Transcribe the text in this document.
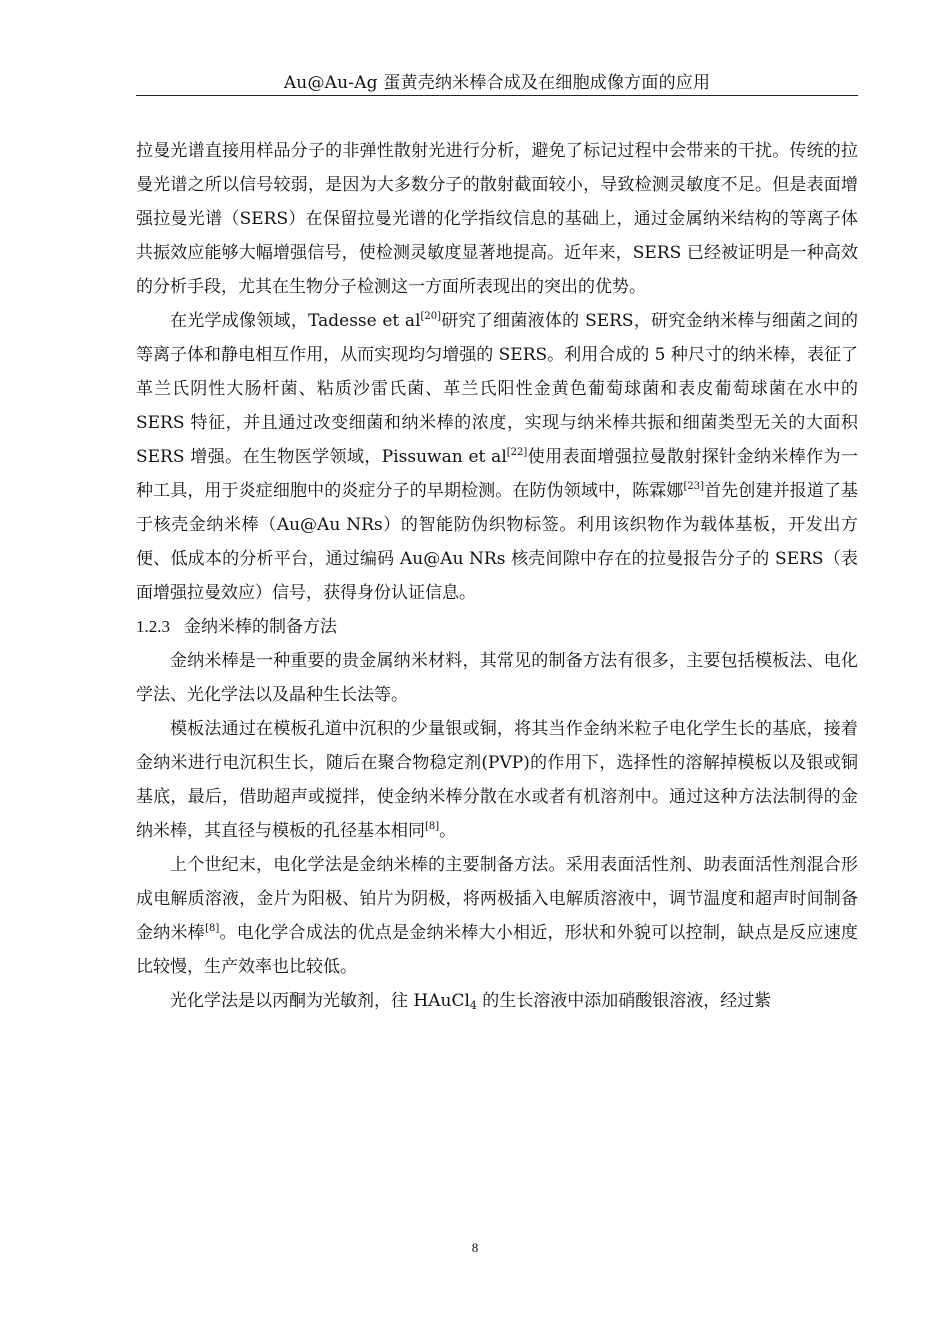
Au@Au-Ag 蛋黄壳纳米棒合成及在细胞成像方面的应用

拉曼光谱直接用样品分子的非弹性散射光进行分析，避免了标记过程中会带来的干扰。传统的拉曼光谱之所以信号较弱，是因为大多数分子的散射截面较小，导致检测灵敏度不足。但是表面增强拉曼光谱（SERS）在保留拉曼光谱的化学指纹信息的基础上，通过金属纳米结构的等离子体共振效应能够大幅增强信号，使检测灵敏度显著地提高。近年来，SERS 已经被证明是一种高效的分析手段，尤其在生物分子检测这一方面所表现出的突出的优势。

在光学成像领域，Tadesse et al[20]研究了细菌液体的 SERS，研究金纳米棒与细菌之间的等离子体和静电相互作用，从而实现均匀增强的 SERS。利用合成的 5 种尺寸的纳米棒，表征了革兰氏阴性大肠杆菌、粘质沙雷氏菌、革兰氏阳性金黄色葡萄球菌和表皮葡萄球菌在水中的 SERS 特征，并且通过改变细菌和纳米棒的浓度，实现与纳米棒共振和细菌类型无关的大面积 SERS 增强。在生物医学领域，Pissuwan et al[22]使用表面增强拉曼散射探针金纳米棒作为一种工具，用于炎症细胞中的炎症分子的早期检测。在防伪领域中，陈霖娜[23]首先创建并报道了基于核壳金纳米棒（Au@Au NRs）的智能防伪织物标签。利用该织物作为载体基板，开发出方便、低成本的分析平台，通过编码 Au@Au NRs 核壳间隙中存在的拉曼报告分子的 SERS（表面增强拉曼效应）信号，获得身份认证信息。

1.2.3 金纳米棒的制备方法

金纳米棒是一种重要的贵金属纳米材料，其常见的制备方法有很多，主要包括模板法、电化学法、光化学法以及晶种生长法等。

模板法通过在模板孔道中沉积的少量银或铜，将其当作金纳米粒子电化学生长的基底，接着金纳米进行电沉积生长，随后在聚合物稳定剂(PVP)的作用下，选择性的溶解掉模板以及银或铜基底，最后，借助超声或搅拌，使金纳米棒分散在水或者有机溶剂中。通过这种方法法制得的金纳米棒，其直径与模板的孔径基本相同[8]。

上个世纪末，电化学法是金纳米棒的主要制备方法。采用表面活性剂、助表面活性剂混合形成电解质溶液，金片为阳极、铂片为阴极，将两极插入电解质溶液中，调节温度和超声时间制备金纳米棒[8]。电化学合成法的优点是金纳米棒大小相近，形状和外貌可以控制，缺点是反应速度比较慢，生产效率也比较低。

光化学法是以丙酮为光敏剂，往 HAuCl$_4$ 的生长溶液中添加硝酸银溶液，经过紫

8
